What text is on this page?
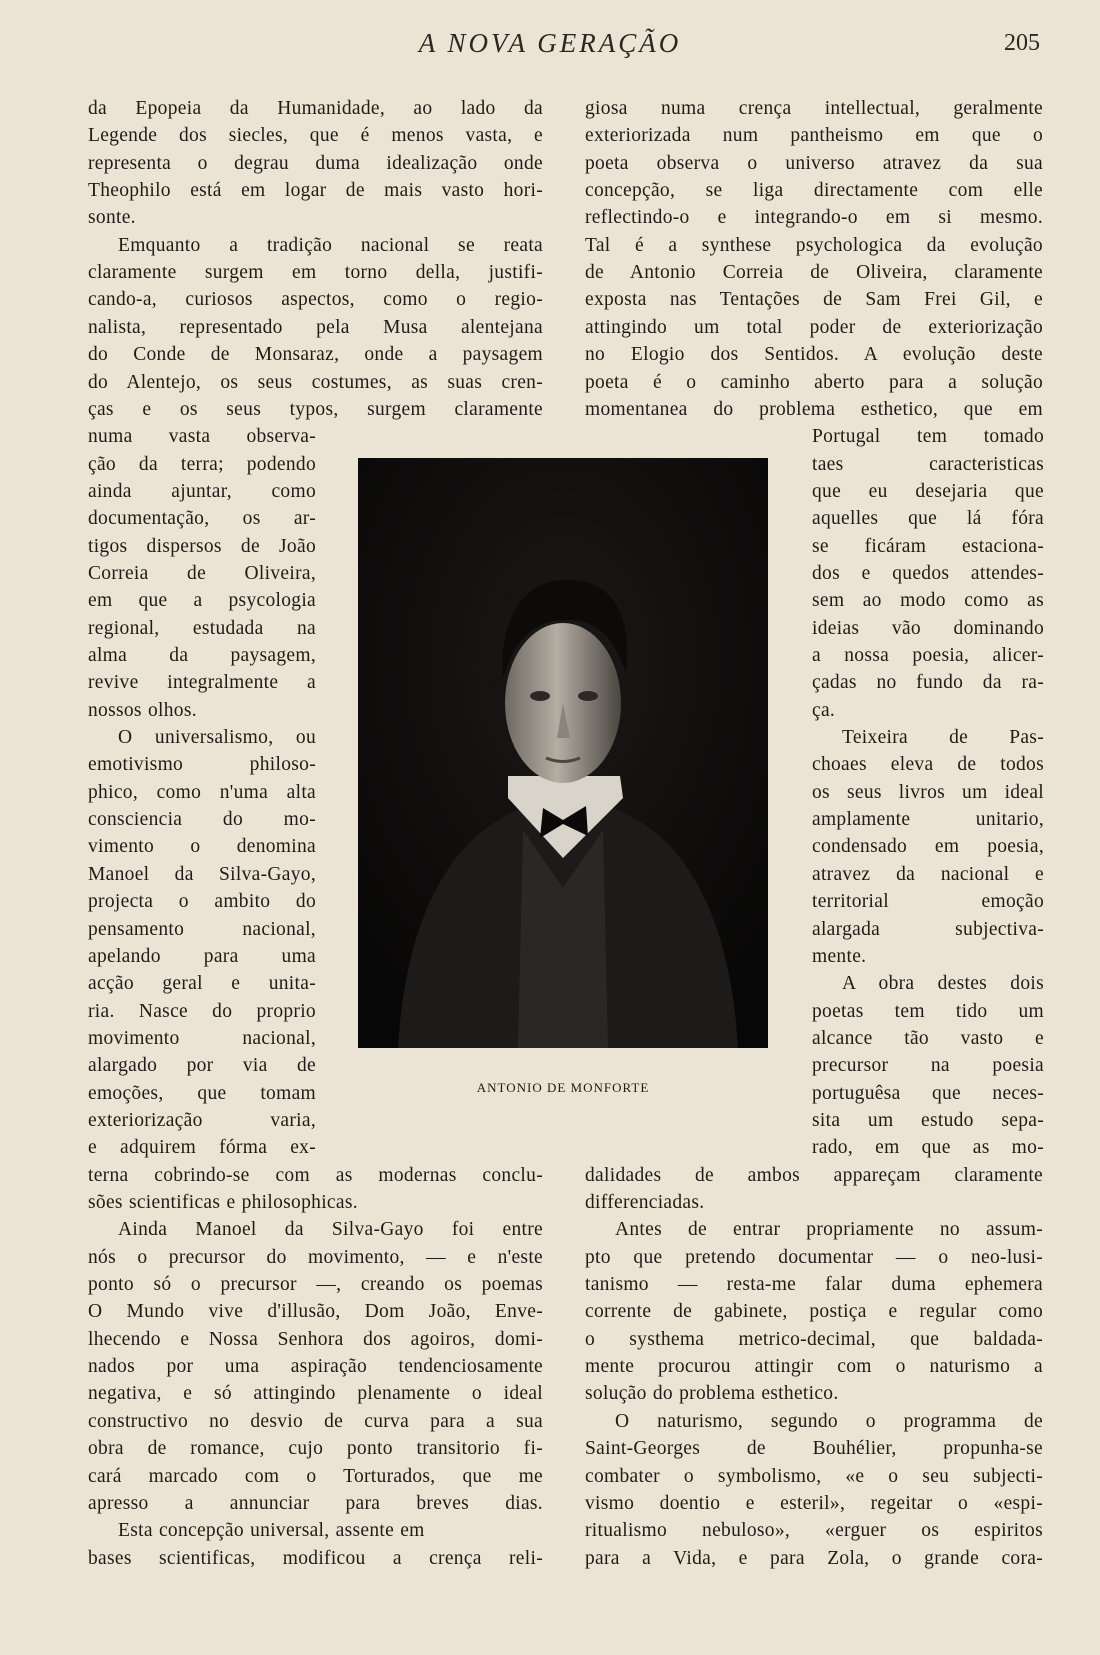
A NOVA GERAÇÃO	205
da Epopeia da Humanidade, ao lado da
Legende dos siecles, que é menos vasta, e
representa o degrau duma idealização onde
Theophilo está em logar de mais vasto hori-
sonte.
Emquanto a tradição nacional se reata
claramente surgem em torno della, justifi-
cando-a, curiosos aspectos, como o regio-
nalista, representado pela Musa alentejana
do Conde de Monsaraz, onde a paysagem
do Alentejo, os seus costumes, as suas cren-
ças e os seus typos, surgem claramente
numa vasta observa-
ção da terra; podendo
ainda ajuntar, como
documentação, os ar-
tigos dispersos de João
Correia de Oliveira,
em que a psycologia
regional, estudada na
alma da paysagem,
revive integralmente a
nossos olhos.
O universalismo, ou
emotivismo philoso-
phico, como n'uma alta
consciencia do mo-
vimento o denomina
Manoel da Silva-Gayo,
projecta o ambito do
pensamento nacional,
apelando para uma
acção geral e unita-
ria. Nasce do proprio
movimento nacional,
alargado por via de
emoções, que tomam
exteriorização varia,
e adquirem fórma ex-
terna cobrindo-se com as modernas conclu-
sões scientificas e philosophicas.
Ainda Manoel da Silva-Gayo foi entre
nós o precursor do movimento, — e n'este
ponto só o precursor —, creando os poemas
O Mundo vive d'illusão, Dom João, Enve-
lhecendo e Nossa Senhora dos agoiros, domi-
nados por uma aspiração tendenciosamente
negativa, e só attingindo plenamente o ideal
constructivo no desvio de curva para a sua
obra de romance, cujo ponto transitorio fi-
cará marcado com o Torturados, que me
apresso a annunciar para breves dias.
Esta concepção universal, assente em
bases scientificas, modificou a crença reli-
giosa numa crença intellectual, geralmente
exteriorizada num pantheismo em que o
poeta observa o universo atravez da sua
concepção, se liga directamente com elle
reflectindo-o e integrando-o em si mesmo.
Tal é a synthese psychologica da evolução
de Antonio Correia de Oliveira, claramente
exposta nas Tentações de Sam Frei Gil, e
attingindo um total poder de exteriorização
no Elogio dos Sentidos. A evolução deste
poeta é o caminho aberto para a solução
momentanea do problema esthetico, que em
Portugal tem tomado
taes caracteristicas
que eu desejaria que
aquelles que lá fóra
se ficáram estaciona-
dos e quedos attendes-
sem ao modo como as
ideias vão dominando
a nossa poesia, alicer-
çadas no fundo da ra-
ça.
Teixeira de Pas-
choaes eleva de todos
os seus livros um ideal
amplamente unitario,
condensado em poesia,
atravez da nacional e
territorial emoção
alargada subjectiva-
mente.
A obra destes dois
poetas tem tido um
alcance tão vasto e
precursor na poesia
portuguêsa que neces-
sita um estudo sepa-
rado, em que as mo-
dalidades de ambos appareçam claramente
differenciadas.
Antes de entrar propriamente no assum-
pto que pretendo documentar — o neo-lusi-
tanismo — resta-me falar duma ephemera
corrente de gabinete, postiça e regular como
o systhema metrico-decimal, que baldada-
mente procurou attingir com o naturismo a
solução do problema esthetico.
O naturismo, segundo o programma de
Saint-Georges de Bouhélier, propunha-se
combater o symbolismo, «e o seu subjecti-
vismo doentio e esteril», regeitar o «espi-
ritualismo nebuloso», «erguer os espiritos
para a Vida, e para Zola, o grande cora-
ANTONIO DE MONFORTE
